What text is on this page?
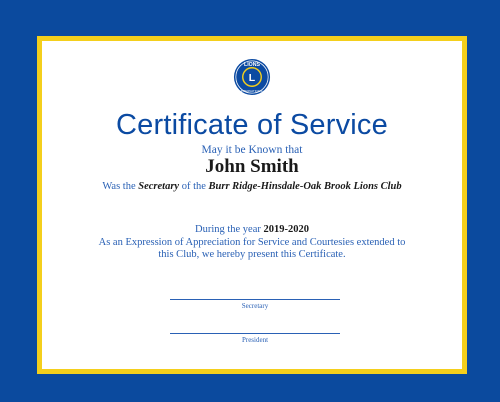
L
LIONS
INTERNATIONAL
Certificate of Service
May it be Known that
John Smith
Was the Secretary of the Burr Ridge-Hinsdale-Oak Brook Lions Club
During the year 2019-2020
As an Expression of Appreciation for Service and Courtesies extended to
this Club, we hereby present this Certificate.
Secretary
President
